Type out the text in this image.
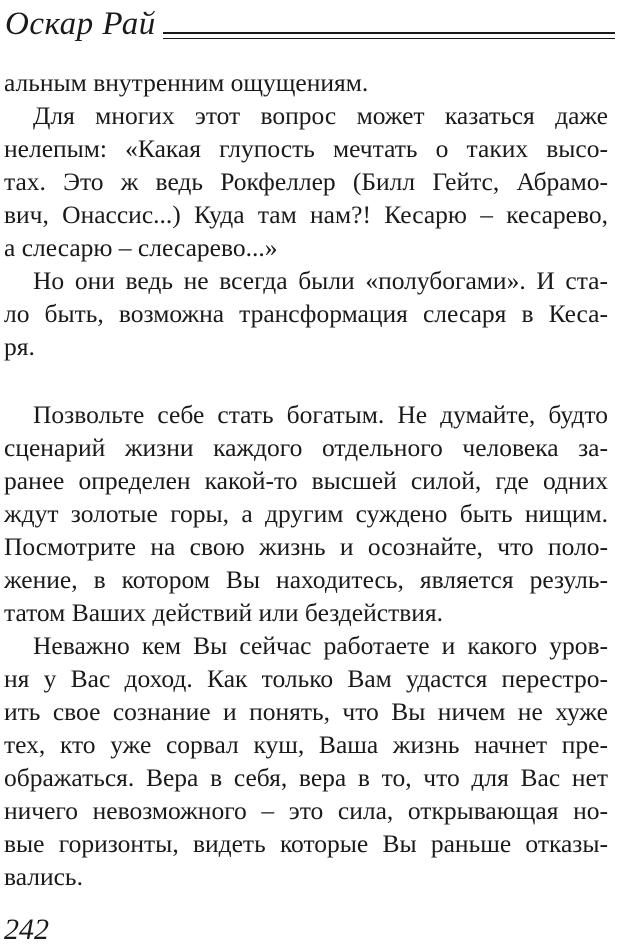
Оскар Рай
альным внутренним ощущениям.
Для многих этот вопрос может казаться даже
нелепым: «Какая глупость мечтать о таких высо-
тах. Это ж ведь Рокфеллер (Билл Гейтс, Абрамо-
вич, Онассис...) Куда там нам?! Кесарю – кесарево,
а слесарю – слесарево...»
Но они ведь не всегда были «полубогами». И ста-
ло быть, возможна трансформация слесаря в Кеса-
ря.
Позвольте себе стать богатым. Не думайте, будто
сценарий жизни каждого отдельного человека за-
ранее определен какой-то высшей силой, где одних
ждут золотые горы, а другим суждено быть нищим.
Посмотрите на свою жизнь и осознайте, что поло-
жение, в котором Вы находитесь, является резуль-
татом Ваших действий или бездействия.
Неважно кем Вы сейчас работаете и какого уров-
ня у Вас доход. Как только Вам удастся перестро-
ить свое сознание и понять, что Вы ничем не хуже
тех, кто уже сорвал куш, Ваша жизнь начнет пре-
ображаться. Вера в себя, вера в то, что для Вас нет
ничего невозможного – это сила, открывающая но-
вые горизонты, видеть которые Вы раньше отказы-
вались.
242
